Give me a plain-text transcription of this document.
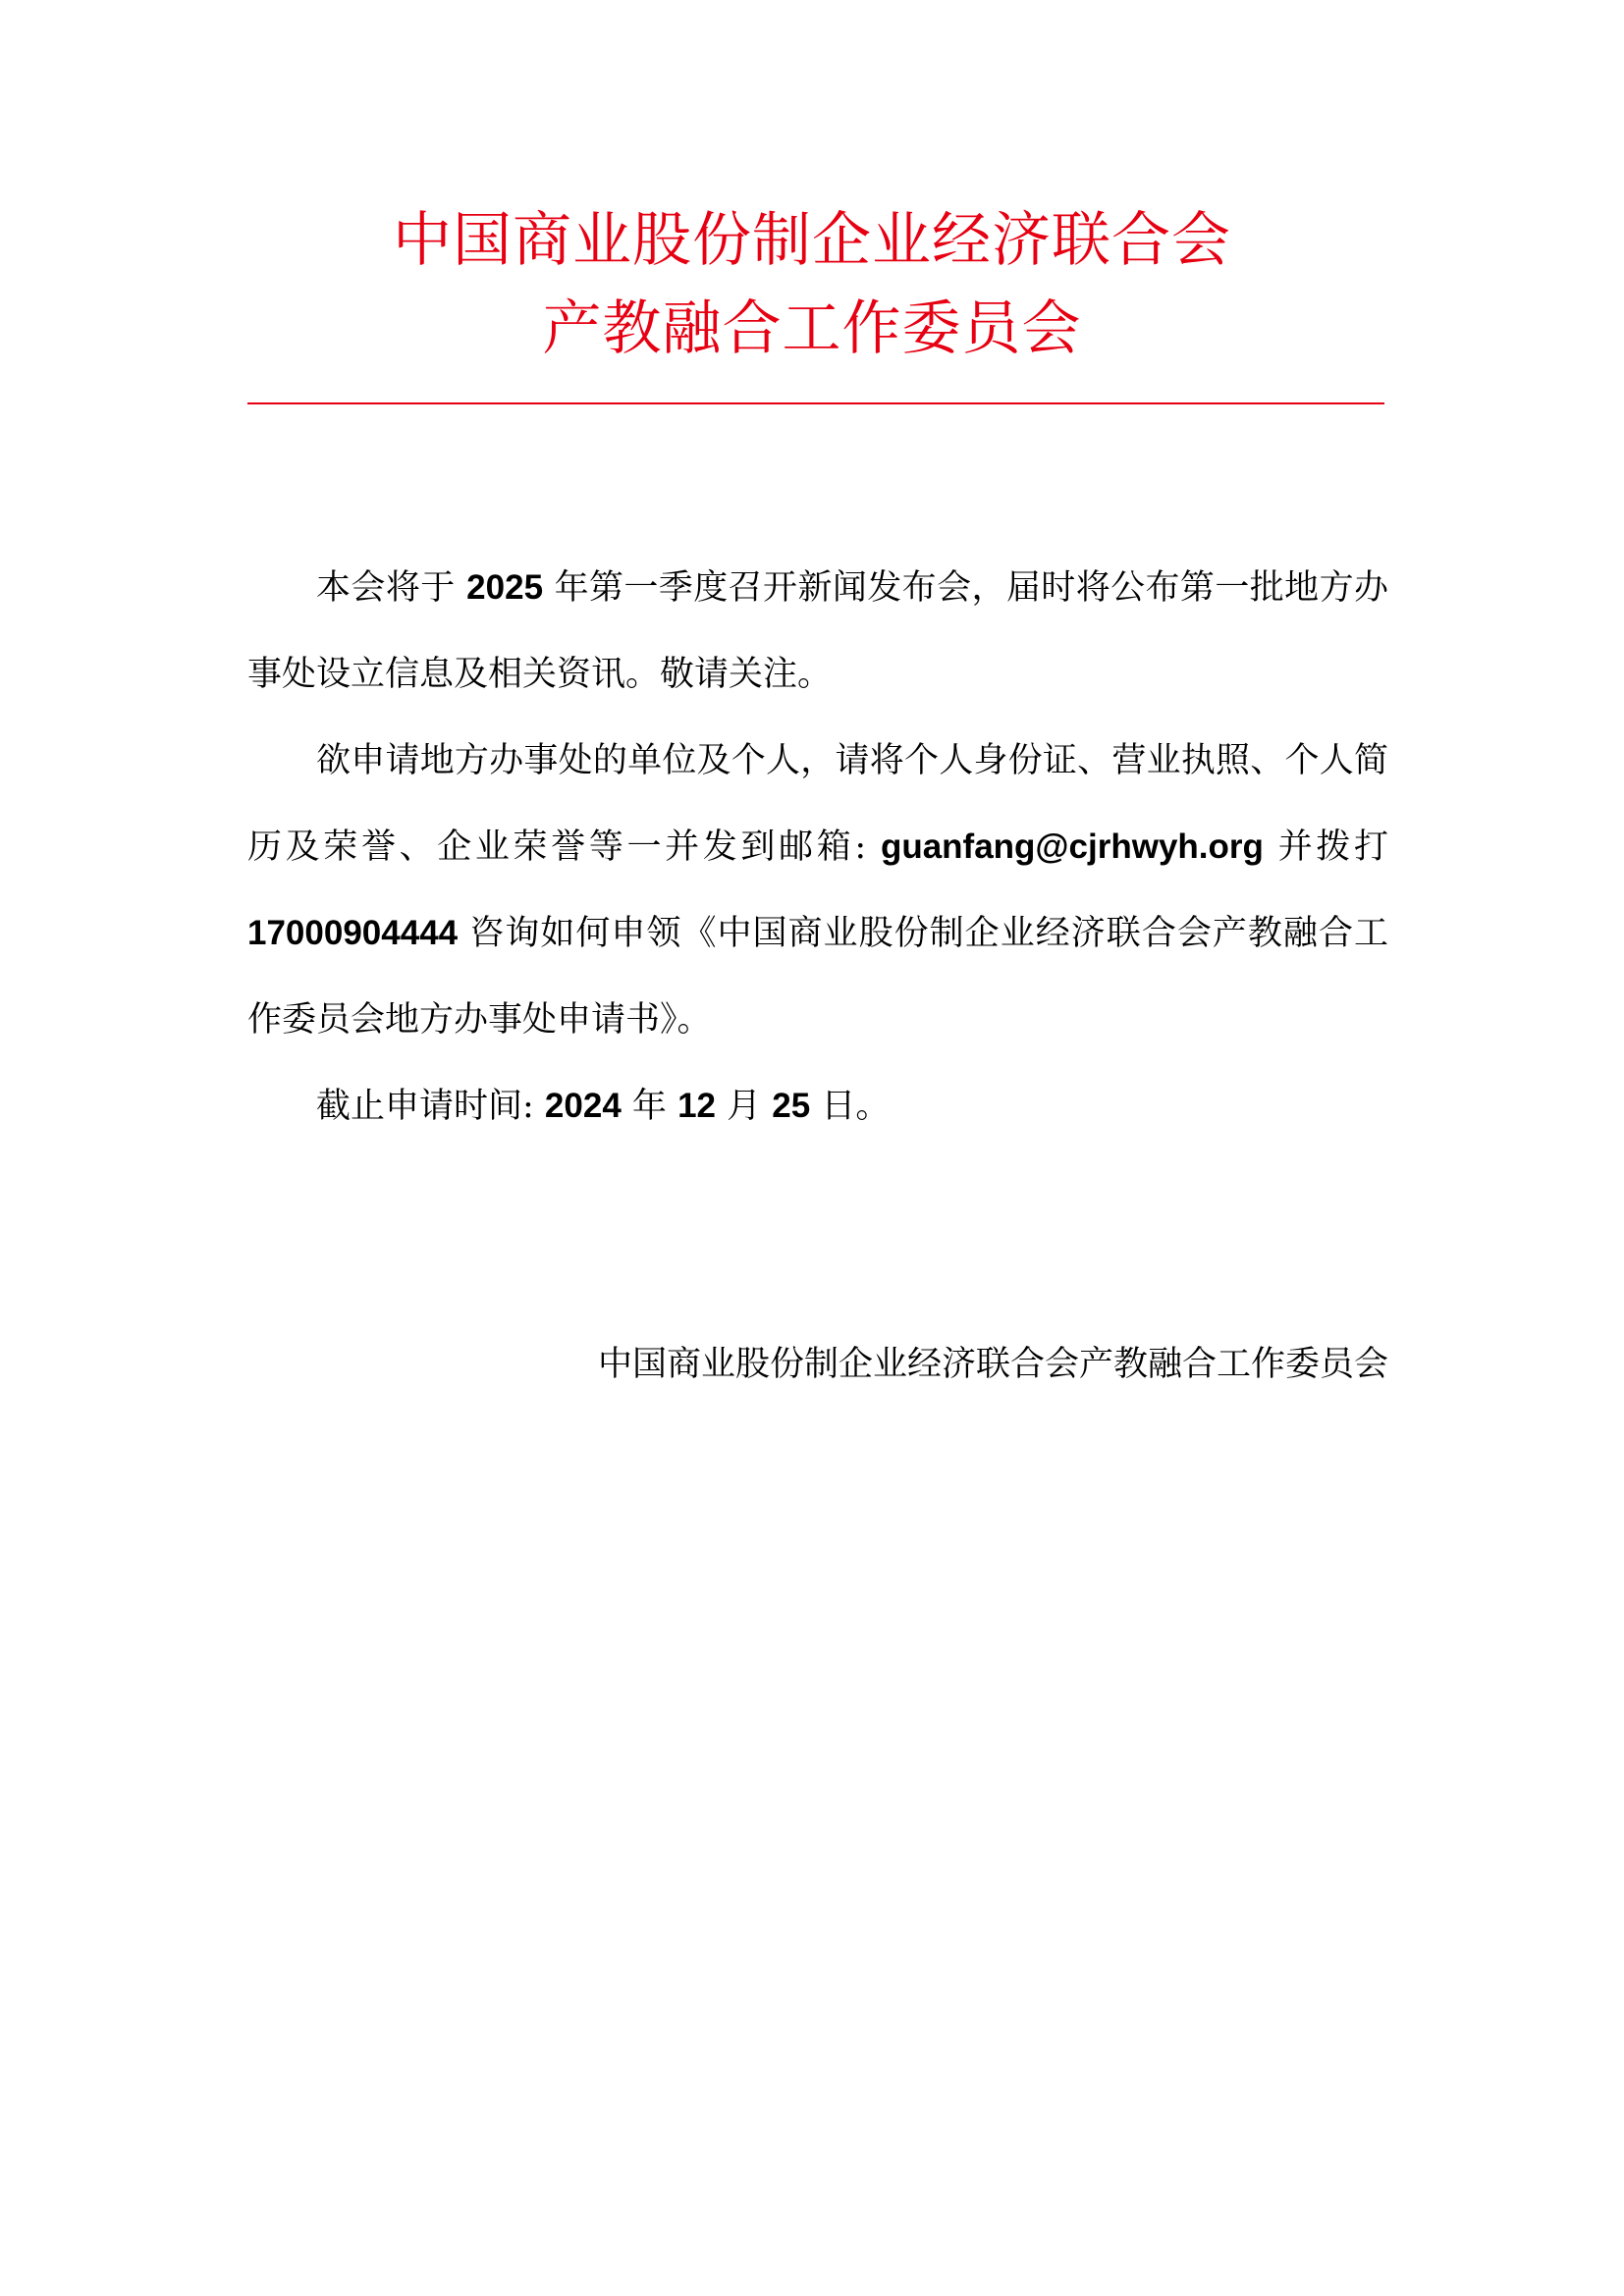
中国商业股份制企业经济联合会
产教融合工作委员会

本会将于 2025 年第一季度召开新闻发布会，届时将公布第一批地方办事处设立信息及相关资讯。敬请关注。

欲申请地方办事处的单位及个人，请将个人身份证、营业执照、个人简历及荣誉、企业荣誉等一并发到邮箱: guanfang@cjrhwyh.org 并拨打 17000904444 咨询如何申领《中国商业股份制企业经济联合会产教融合工作委员会地方办事处申请书》。

截止申请时间: 2024 年 12 月 25 日。

中国商业股份制企业经济联合会产教融合工作委员会
